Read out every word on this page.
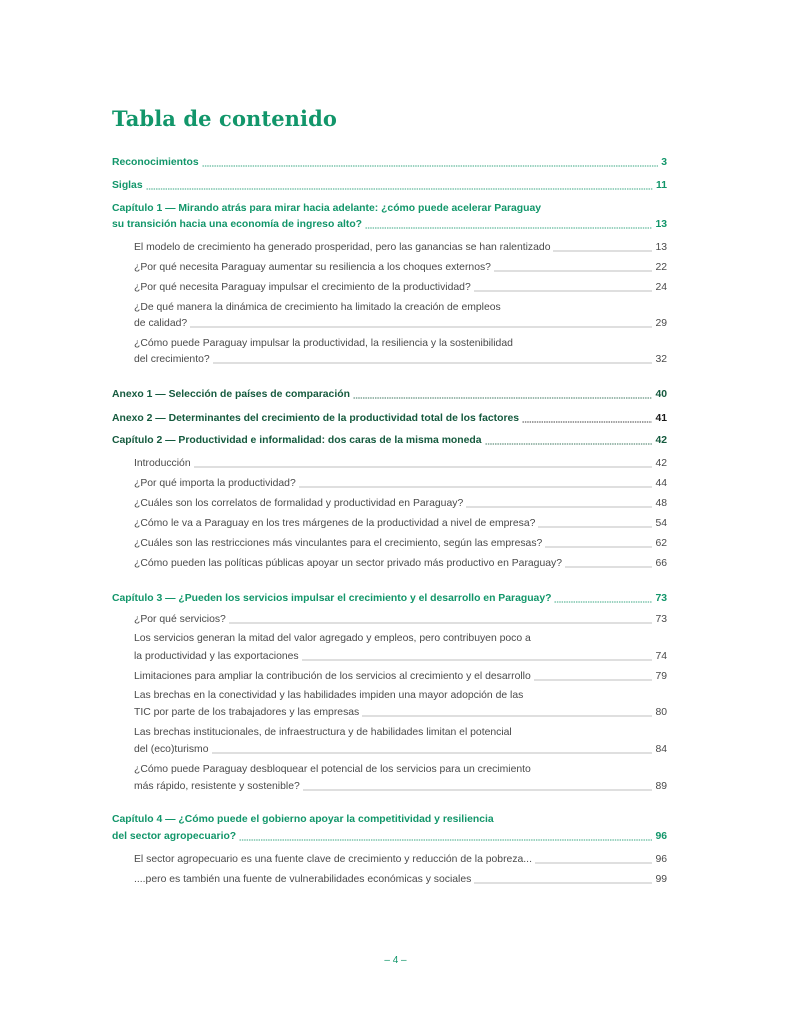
Tabla de contenido
Reconocimientos	3
Siglas	11
Capítulo 1 — Mirando atrás para mirar hacia adelante: ¿cómo puede acelerar Paraguay
su transición hacia una economía de ingreso alto?	13
El modelo de crecimiento ha generado prosperidad, pero las ganancias se han ralentizado	13
¿Por qué necesita Paraguay aumentar su resiliencia a los choques externos?	22
¿Por qué necesita Paraguay impulsar el crecimiento de la productividad?	24
¿De qué manera la dinámica de crecimiento ha limitado la creación de empleos
de calidad?	29
¿Cómo puede Paraguay impulsar la productividad, la resiliencia y la sostenibilidad
del crecimiento?	32
Anexo 1 — Selección de países de comparación	40
Anexo 2 — Determinantes del crecimiento de la productividad total de los factores	41
Capítulo 2 — Productividad e informalidad: dos caras de la misma moneda	42
Introducción	42
¿Por qué importa la productividad?	44
¿Cuáles son los correlatos de formalidad y productividad en Paraguay?	48
¿Cómo le va a Paraguay en los tres márgenes de la productividad a nivel de empresa?	54
¿Cuáles son las restricciones más vinculantes para el crecimiento, según las empresas?	62
¿Cómo pueden las políticas públicas apoyar un sector privado más productivo en Paraguay?	66
Capítulo 3 — ¿Pueden los servicios impulsar el crecimiento y el desarrollo en Paraguay?	73
¿Por qué servicios?	73
Los servicios generan la mitad del valor agregado y empleos, pero contribuyen poco a
la productividad y las exportaciones	74
Limitaciones para ampliar la contribución de los servicios al crecimiento y el desarrollo	79
Las brechas en la conectividad y las habilidades impiden una mayor adopción de las
TIC por parte de los trabajadores y las empresas	80
Las brechas institucionales, de infraestructura y de habilidades limitan el potencial
del (eco)turismo	84
¿Cómo puede Paraguay desbloquear el potencial de los servicios para un crecimiento
más rápido, resistente y sostenible?	89
Capítulo 4 — ¿Cómo puede el gobierno apoyar la competitividad y resiliencia
del sector agropecuario?	96
El sector agropecuario es una fuente clave de crecimiento y reducción de la pobreza...	96
....pero es también una fuente de vulnerabilidades económicas y sociales	99
– 4 –
